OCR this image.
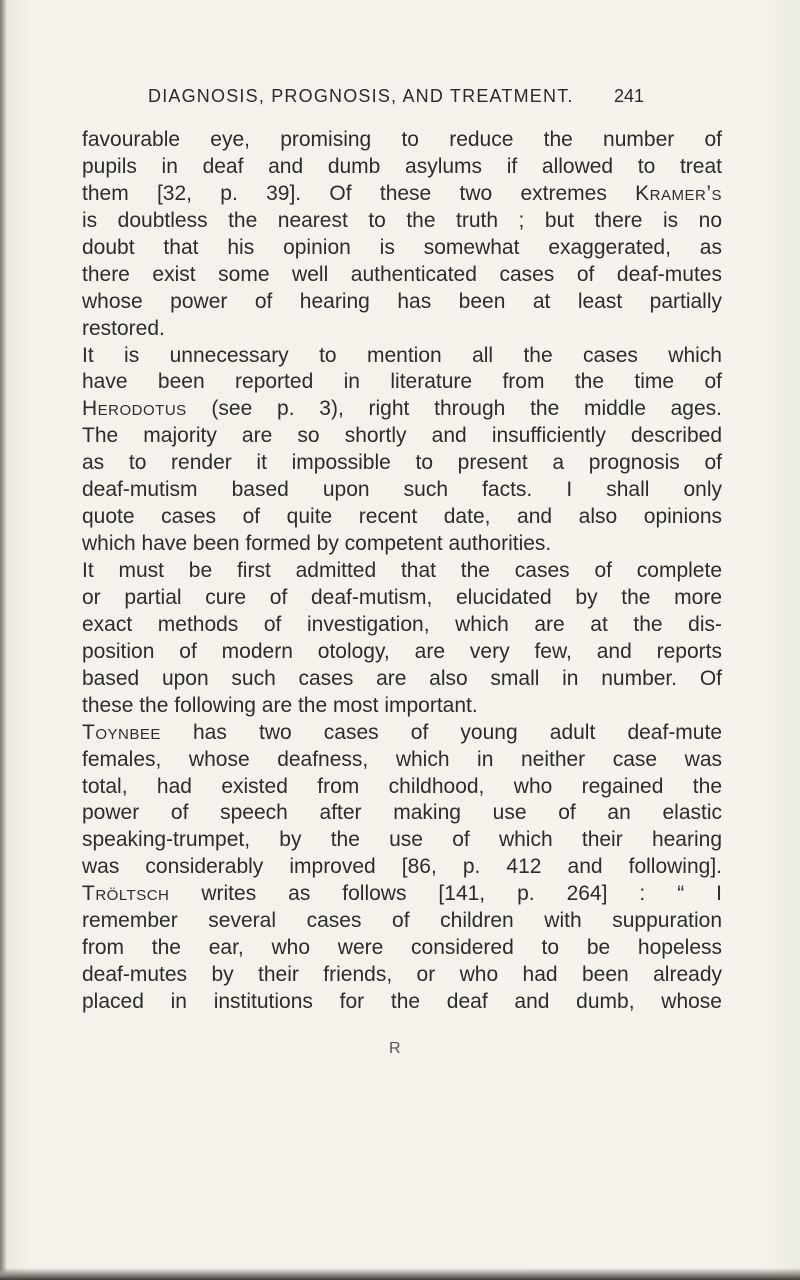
DIAGNOSIS, PROGNOSIS, AND TREATMENT. 241
favourable eye, promising to reduce the number of
pupils in deaf and dumb asylums if allowed to treat
them [32, p. 39]. Of these two extremes Kramer’s
is doubtless the nearest to the truth ; but there is no
doubt that his opinion is somewhat exaggerated, as
there exist some well authenticated cases of deaf-mutes
whose power of hearing has been at least partially
restored.
It is unnecessary to mention all the cases which
have been reported in literature from the time of
Herodotus (see p. 3), right through the middle ages.
The majority are so shortly and insufficiently described
as to render it impossible to present a prognosis of
deaf-mutism based upon such facts. I shall only
quote cases of quite recent date, and also opinions
which have been formed by competent authorities.
It must be first admitted that the cases of complete
or partial cure of deaf-mutism, elucidated by the more
exact methods of investigation, which are at the dis-
position of modern otology, are very few, and reports
based upon such cases are also small in number. Of
these the following are the most important.
Toynbee has two cases of young adult deaf-mute
females, whose deafness, which in neither case was
total, had existed from childhood, who regained the
power of speech after making use of an elastic
speaking-trumpet, by the use of which their hearing
was considerably improved [86, p. 412 and following].
Tröltsch writes as follows [141, p. 264] : “ I
remember several cases of children with suppuration
from the ear, who were considered to be hopeless
deaf-mutes by their friends, or who had been already
placed in institutions for the deaf and dumb, whose
R
